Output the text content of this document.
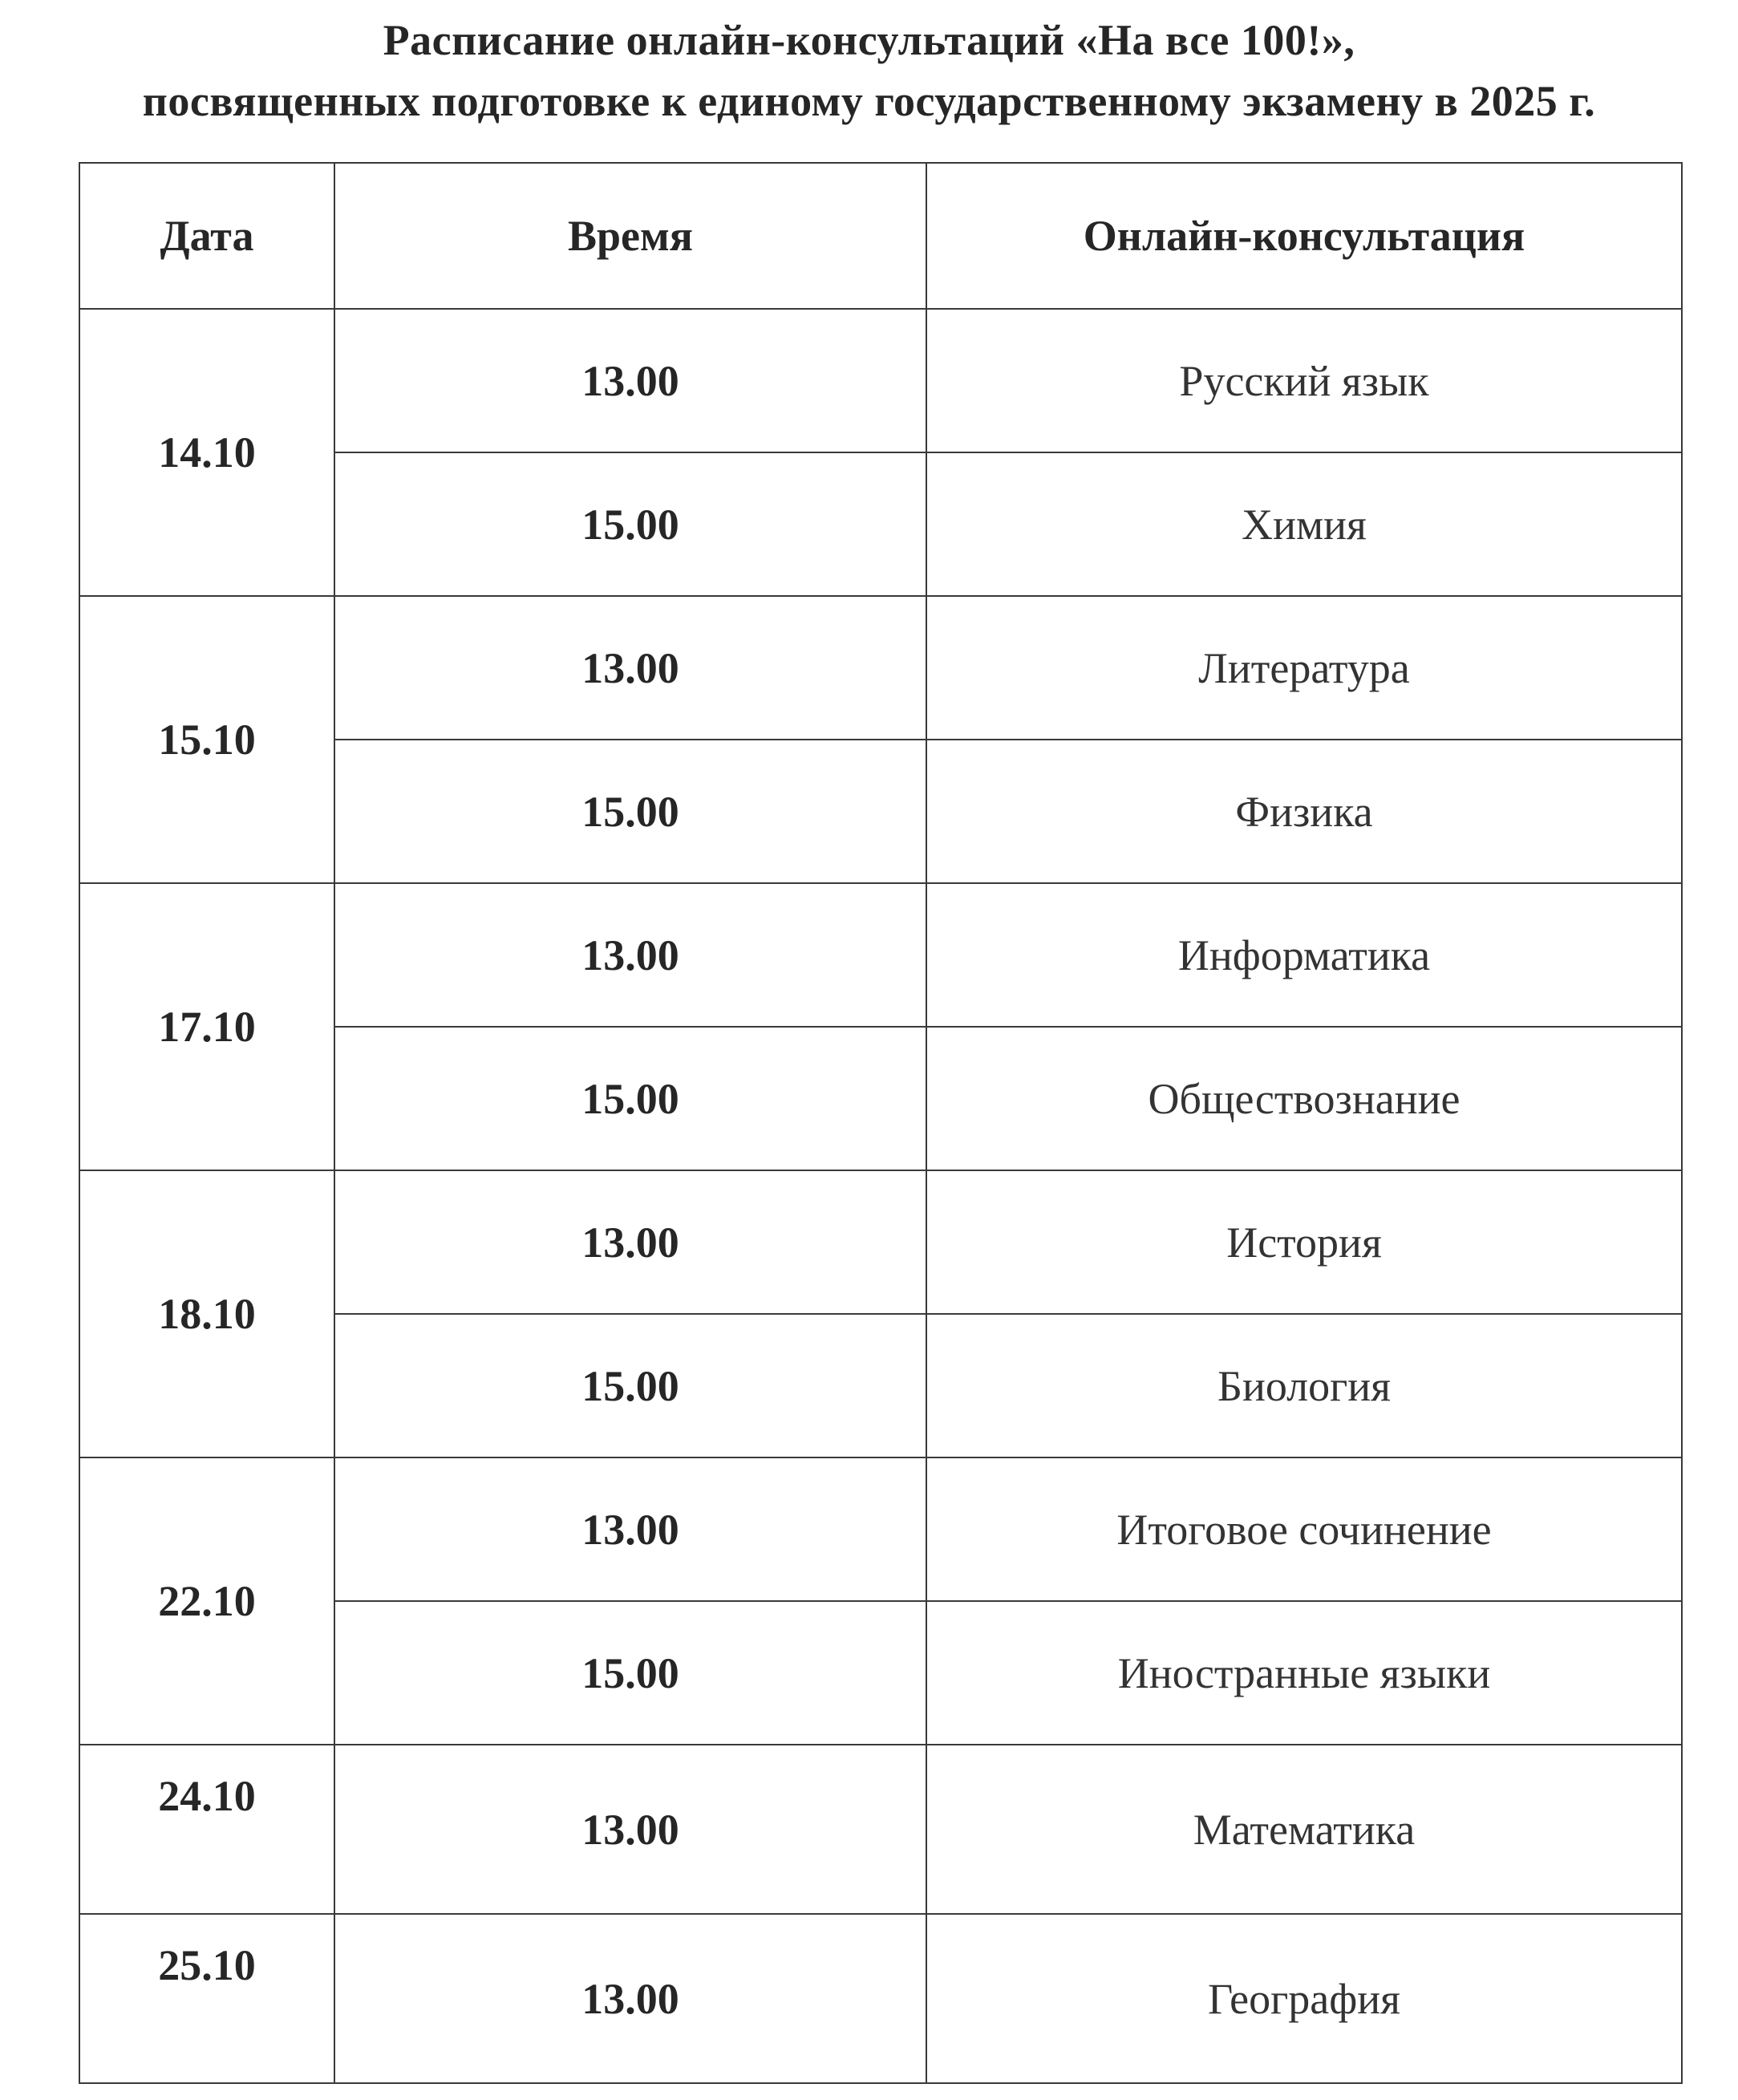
Расписание онлайн-консультаций «На все 100!»,
посвященных подготовке к единому государственному экзамену в 2025 г.
Дата	Время	Онлайн-консультация
14.10	13.00	Русский язык
	15.00	Химия
15.10	13.00	Литература
	15.00	Физика
17.10	13.00	Информатика
	15.00	Обществознание
18.10	13.00	История
	15.00	Биология
22.10	13.00	Итоговое сочинение
	15.00	Иностранные языки
24.10	13.00	Математика
25.10	13.00	География
